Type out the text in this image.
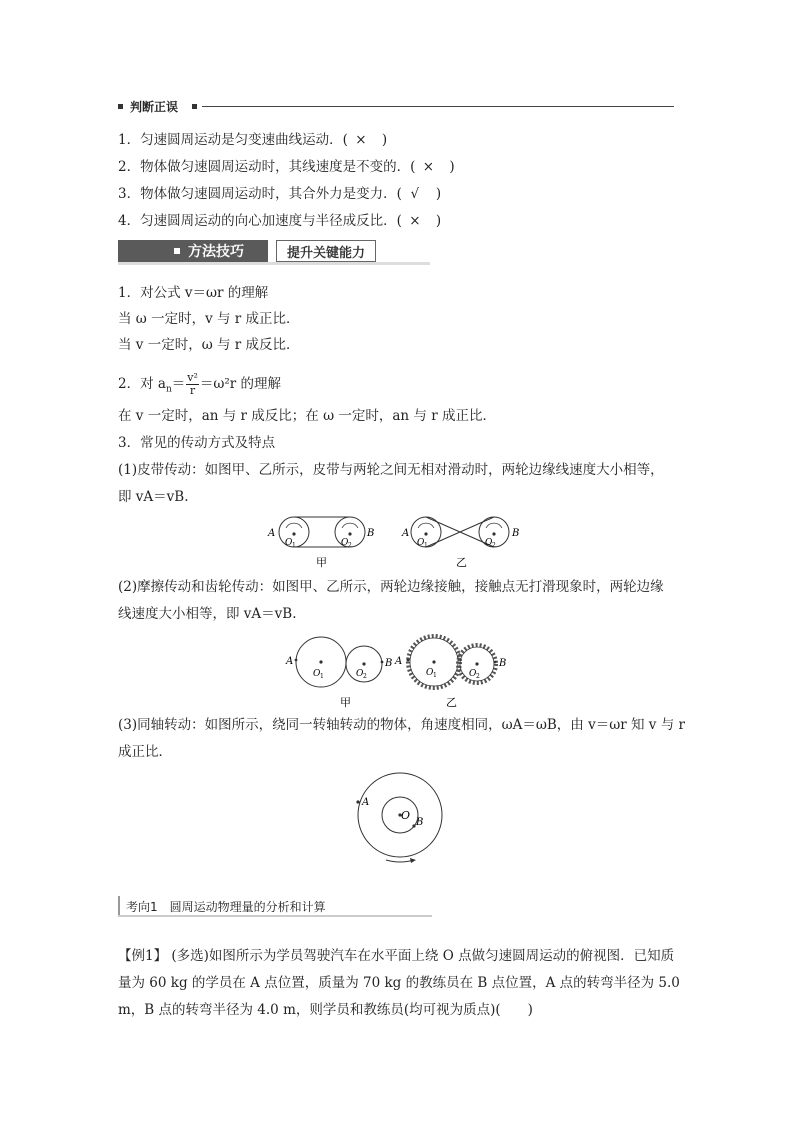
判断正误
1．匀速圆周运动是匀变速曲线运动．( × )
2．物体做匀速圆周运动时，其线速度是不变的．( × )
3．物体做匀速圆周运动时，其合外力是变力．( √ )
4．匀速圆周运动的向心加速度与半径成反比．( × )
方法技巧	提升关键能力
1．对公式 v＝ωr 的理解
当 ω 一定时，v 与 r 成正比．
当 v 一定时，ω 与 r 成反比．
2．对 $a_n= \frac{\text{v²}}{r} =\omega^2r$ 的理解
在 v 一定时，an 与 r 成反比；在 ω 一定时，an 与 r 成正比．
3．常见的传动方式及特点
(1)皮带传动：如图甲、乙所示，皮带与两轮之间无相对滑动时，两轮边缘线速度大小相等，
即 vA＝vB.
A	B
O 1	O 2
甲
A	B
O 1	O 2
乙
(2)摩擦传动和齿轮传动：如图甲、乙所示，两轮边缘接触，接触点无打滑现象时，两轮边缘
线速度大小相等，即 vA＝vB.
A	B
O 1	O 2
甲
A	B
O 1	O 2
乙
(3)同轴转动：如图所示，绕同一转轴转动的物体，角速度相同，ωA＝ωB，由 v＝ωr 知 v 与 r
成正比．
A
O
B
考向1　圆周运动物理量的分析和计算
【例1】 (多选)如图所示为学员驾驶汽车在水平面上绕 O 点做匀速圆周运动的俯视图．已知质
量为 60 kg 的学员在 A 点位置，质量为 70 kg 的教练员在 B 点位置，A 点的转弯半径为 5.0
m，B 点的转弯半径为 4.0 m，则学员和教练员(均可视为质点)(　　)
